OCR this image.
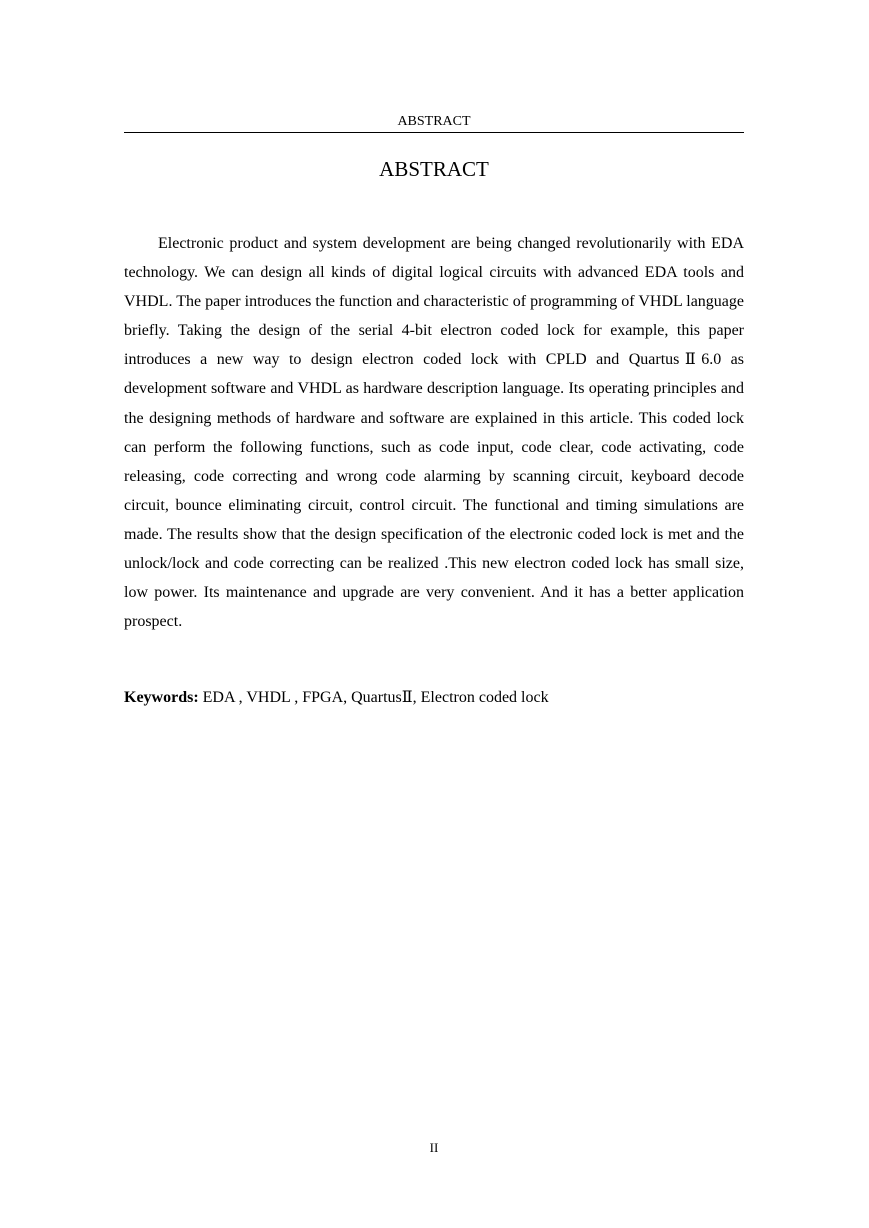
ABSTRACT
ABSTRACT

Electronic product and system development are being changed revolutionarily with EDA technology. We can design all kinds of digital logical circuits with advanced EDA tools and VHDL. The paper introduces the function and characteristic of programming of VHDL language briefly. Taking the design of the serial 4-bit electron coded lock for example, this paper introduces a new way to design electron coded lock with CPLD and QuartusⅡ6.0 as development software and VHDL as hardware description language. Its operating principles and the designing methods of hardware and software are explained in this article. This coded lock can perform the following functions, such as code input, code clear, code activating, code releasing, code correcting and wrong code alarming by scanning circuit, keyboard decode circuit, bounce eliminating circuit, control circuit. The functional and timing simulations are made. The results show that the design specification of the electronic coded lock is met and the unlock/lock and code correcting can be realized .This new electron coded lock has small size, low power. Its maintenance and upgrade are very convenient. And it has a better application prospect.

Keywords: EDA , VHDL , FPGA, QuartusⅡ, Electron coded lock

II
